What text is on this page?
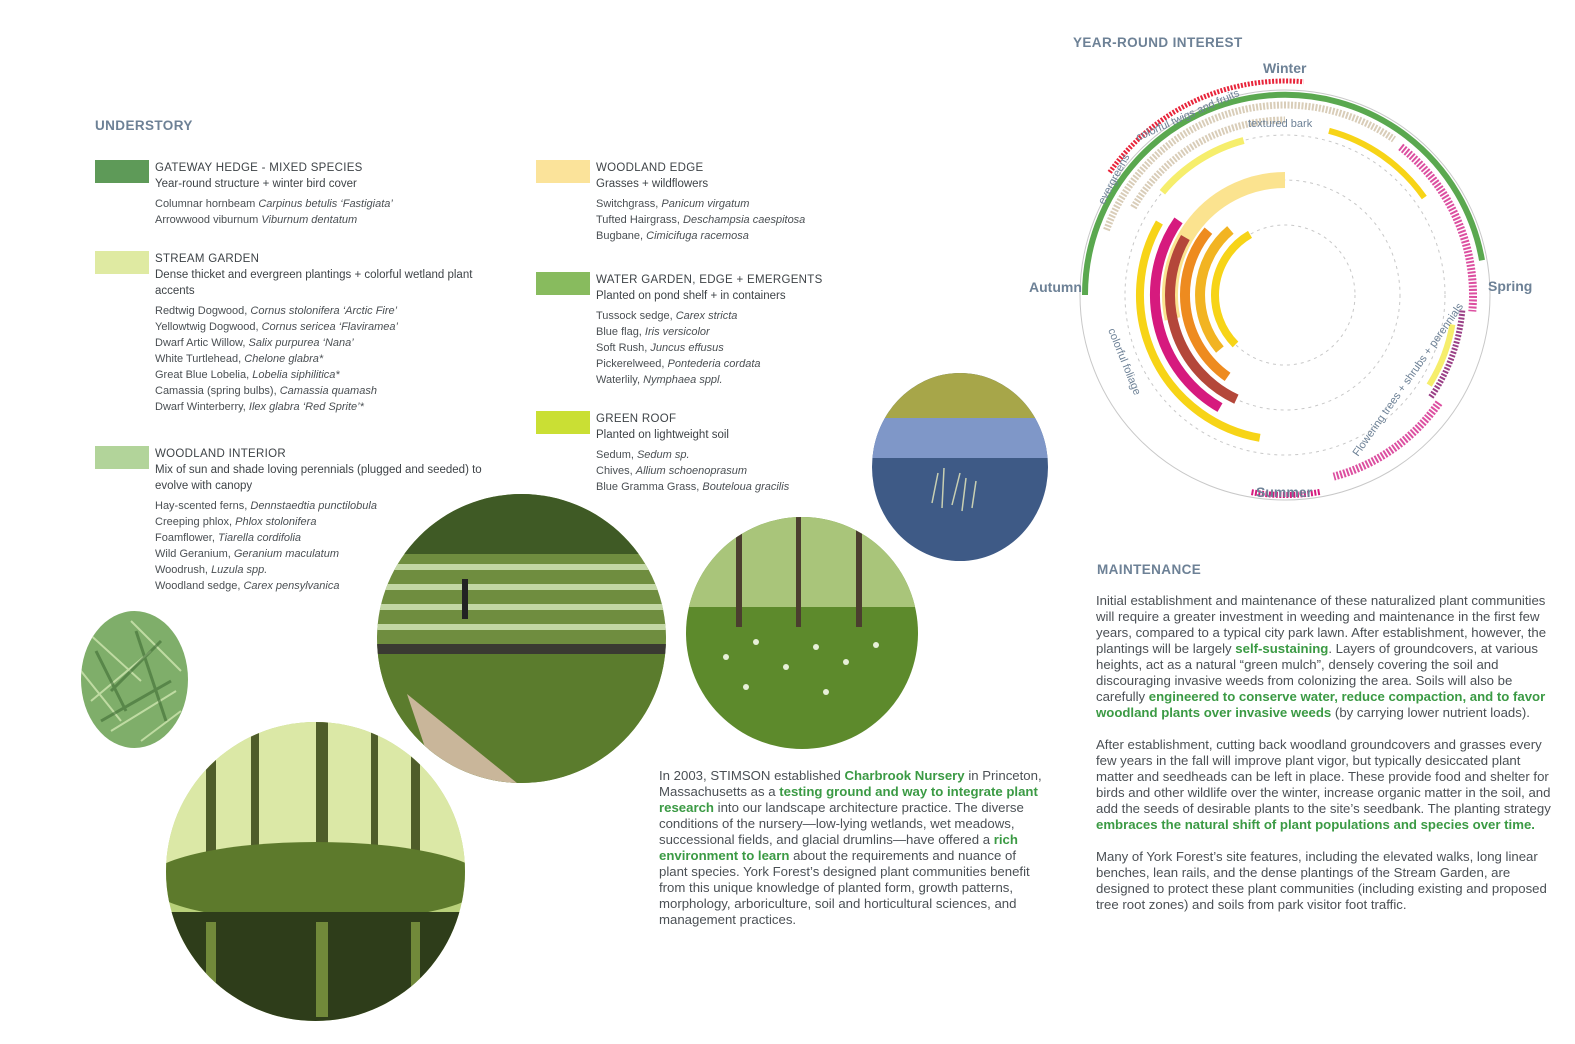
UNDERSTORY
GATEWAY HEDGE - MIXED SPECIES
Year-round structure + winter bird cover
Columnar hornbeam Carpinus betulis ‘Fastigiata’
Arrowwood viburnum Viburnum dentatum
STREAM GARDEN
Dense thicket and evergreen plantings + colorful wetland plant accents
Redtwig Dogwood, Cornus stolonifera ‘Arctic Fire’
Yellowtwig Dogwood, Cornus sericea ‘Flaviramea’
Dwarf Artic Willow, Salix purpurea ‘Nana’
White Turtlehead, Chelone glabra*
Great Blue Lobelia, Lobelia siphilitica*
Camassia (spring bulbs), Camassia quamash
Dwarf Winterberry, Ilex glabra ‘Red Sprite’*
WOODLAND INTERIOR
Mix of sun and shade loving perennials (plugged and seeded) to evolve with canopy
Hay-scented ferns, Dennstaedtia punctilobula
Creeping phlox, Phlox stolonifera
Foamflower, Tiarella cordifolia
Wild Geranium, Geranium maculatum
Woodrush, Luzula spp.
Woodland sedge, Carex pensylvanica
WOODLAND EDGE
Grasses + wildflowers
Switchgrass, Panicum virgatum
Tufted Hairgrass, Deschampsia caespitosa
Bugbane, Cimicifuga racemosa
WATER GARDEN, EDGE + EMERGENTS
Planted on pond shelf + in containers
Tussock sedge, Carex stricta
Blue flag, Iris versicolor
Soft Rush, Juncus effusus
Pickerelweed, Pontederia cordata
Waterlily, Nymphaea sppl.
GREEN ROOF
Planted on lightweight soil
Sedum, Sedum sp.
Chives, Allium schoenoprasum
Blue Gramma Grass, Bouteloua gracilis

In 2003, STIMSON established Charbrook Nursery in Princeton, Massachusetts as a testing ground and way to integrate plant research into our landscape architecture practice. The diverse conditions of the nursery—low-lying wetlands, wet meadows, successional fields, and glacial drumlins—have offered a rich environment to learn about the requirements and nuance of plant species. York Forest’s designed plant communities benefit from this unique knowledge of planted form, growth patterns, morphology, arboriculture, soil and horticultural sciences, and management practices.

MAINTENANCE

Initial establishment and maintenance of these naturalized plant communities will require a greater investment in weeding and maintenance in the first few years, compared to a typical city park lawn. After establishment, however, the plantings will be largely self-sustaining. Layers of groundcovers, at various heights, act as a natural “green mulch”, densely covering the soil and discouraging invasive weeds from colonizing the area. Soils will also be carefully engineered to conserve water, reduce compaction, and to favor woodland plants over invasive weeds (by carrying lower nutrient loads).

After establishment, cutting back woodland groundcovers and grasses every few years in the fall will improve plant vigor, but typically desiccated plant matter and seedheads can be left in place. These provide food and shelter for birds and other wildlife over the winter, increase organic matter in the soil, and add the seeds of desirable plants to the site’s seedbank. The planting strategy embraces the natural shift of plant populations and species over time.

Many of York Forest’s site features, including the elevated walks, long linear benches, lean rails, and the dense plantings of the Stream Garden, are designed to protect these plant communities (including existing and proposed tree root zones) and soils from park visitor foot traffic.

YEAR-ROUND INTEREST
Winter
Spring
Summer
Autumn
evergreens
colorful twigs and fruits textured bark
colorful foliage	Flowering trees + shrubs + perennials
